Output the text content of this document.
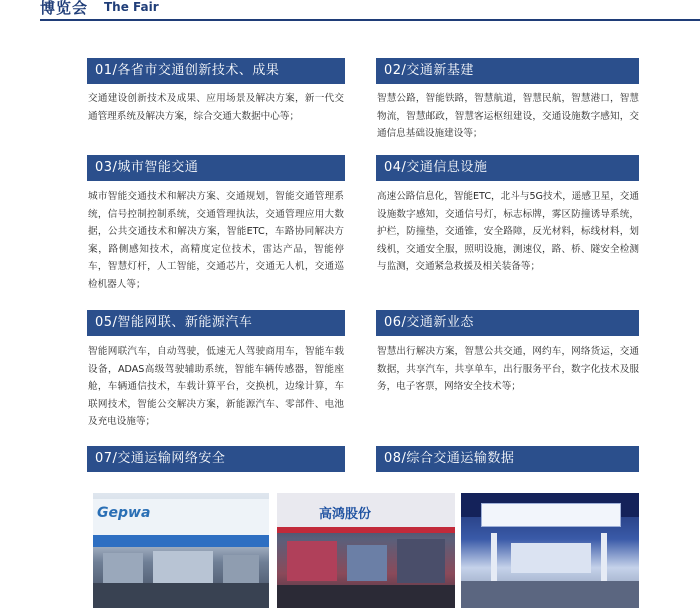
博览会 The Fair
01/各省市交通创新技术、成果
交通建设创新技术及成果、应用场景及解决方案，新一代交通管理系统及解决方案，综合交通大数据中心等；
02/交通新基建
智慧公路，智能铁路，智慧航道，智慧民航，智慧港口，智慧物流，智慧邮政，智慧客运枢纽建设，交通设施数字感知，交通信息基础设施建设等；
03/城市智能交通
城市智能交通技术和解决方案、交通规划，智能交通管理系统，信号控制控制系统，交通管理执法，交通管理应用大数据，公共交通技术和解决方案，智能ETC，车路协同解决方案，路侧感知技术，高精度定位技术，雷达产品，智能停车，智慧灯杆，人工智能，交通芯片，交通无人机，交通巡检机器人等；
04/交通信息设施
高速公路信息化，智能ETC，北斗与5G技术，遥感卫星，交通设施数字感知，交通信号灯，标志标牌，雾区防撞诱导系统，护栏，防撞垫，交通锥，安全路障，反光材料，标线材料，划线机，交通安全服，照明设施，测速仪，路、桥、隧安全检测与监测，交通紧急救援及相关装备等；
05/智能网联、新能源汽车
智能网联汽车，自动驾驶，低速无人驾驶商用车，智能车载设备，ADAS高级驾驶辅助系统，智能车辆传感器，智能座舱，车辆通信技术，车载计算平台，交换机，边缘计算，车联网技术，智能公交解决方案，新能源汽车、零部件、电池及充电设施等；
06/交通新业态
智慧出行解决方案，智慧公共交通，网约车，网络货运，交通数据，共享汽车，共享单车，出行服务平台，数字化技术及服务，电子客票，网络安全技术等；
07/交通运输网络安全	08/综合交通运输数据
Gepwa	高鸿股份
